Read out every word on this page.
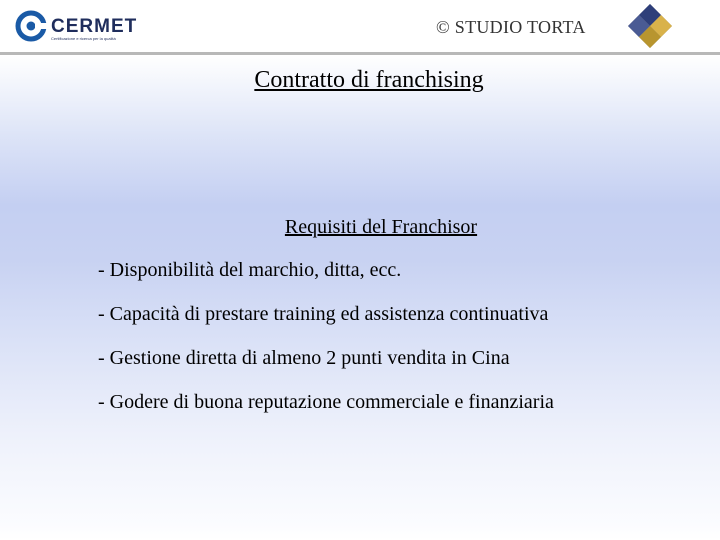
CERMET
Certificazione e ricerca per la qualità
© STUDIO TORTA
Contratto di franchising
Requisiti del Franchisor
- Disponibilità del marchio, ditta, ecc.
- Capacità di prestare training ed assistenza continuativa
- Gestione diretta di almeno 2 punti vendita in Cina
- Godere di buona reputazione commerciale e finanziaria
